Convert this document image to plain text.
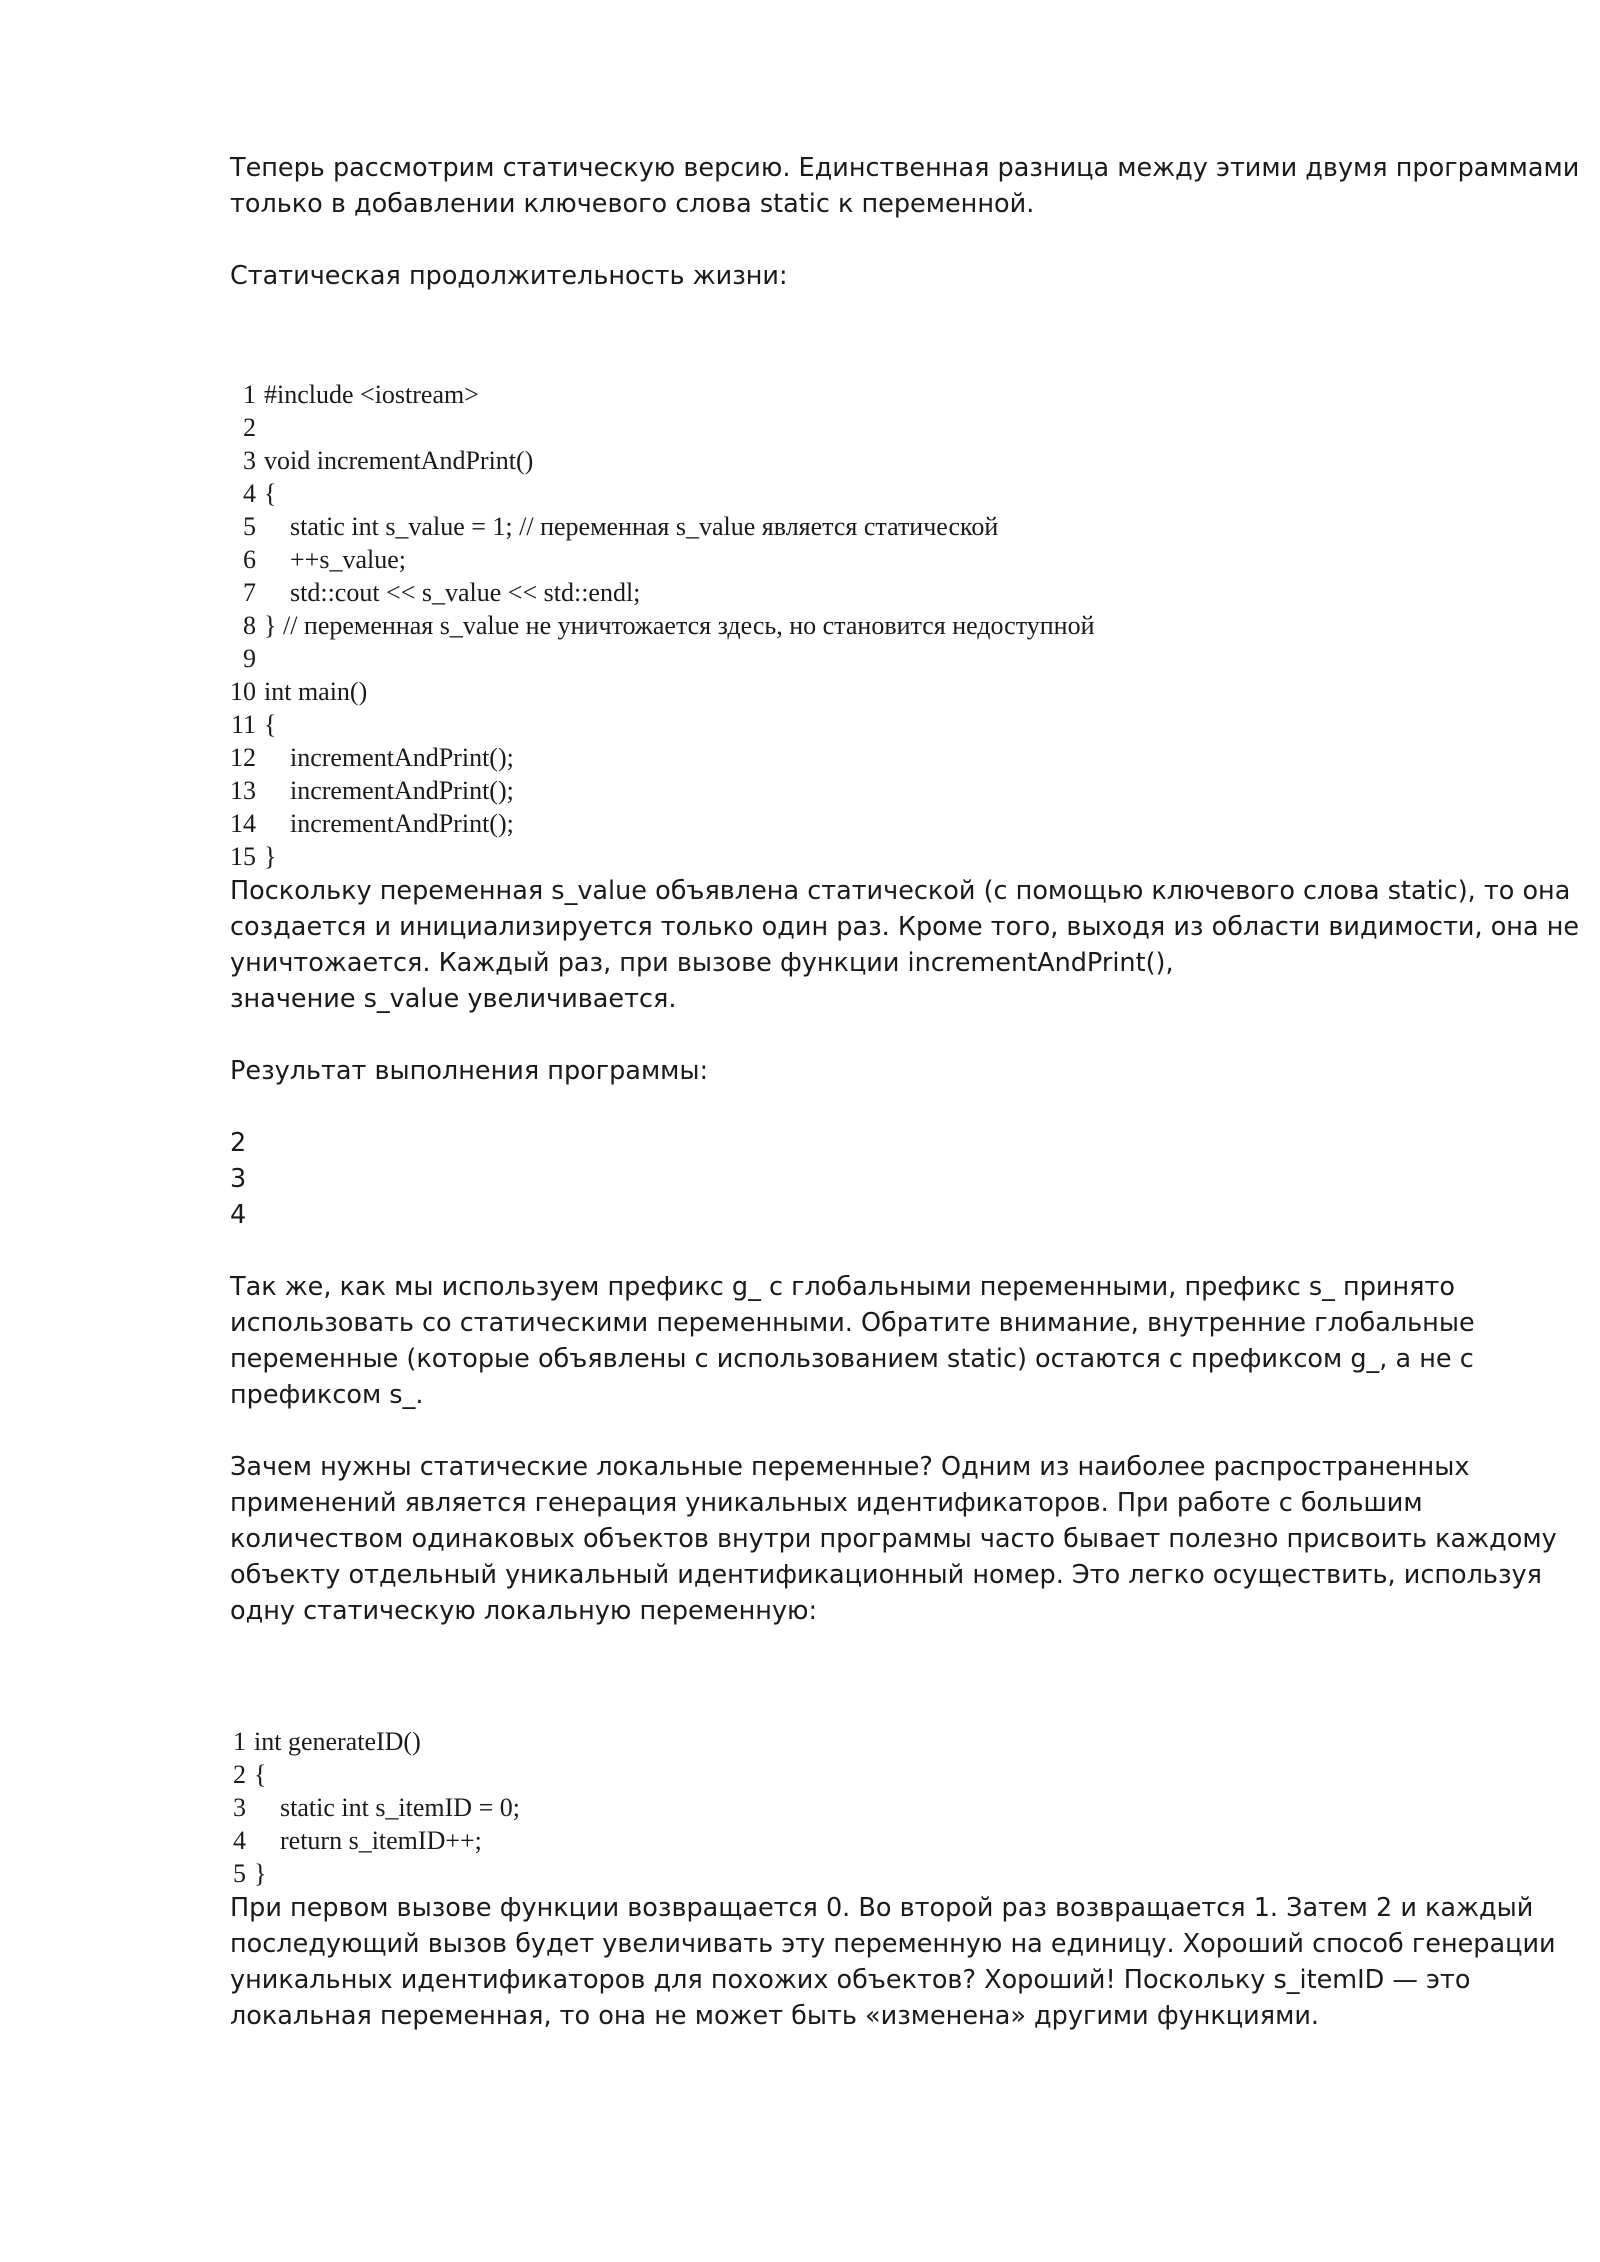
Теперь рассмотрим статическую версию. Единственная разница между этими двумя программами
только в добавлении ключевого слова static к переменной.

Статическая продолжительность жизни:

1 #include <iostream>
2
3 void incrementAndPrint()
4 {
5 static int s_value = 1; // переменная s_value является статической
6 ++s_value;
7 std::cout << s_value << std::endl;
8 } // переменная s_value не уничтожается здесь, но становится недоступной
9
10 int main()
11 {
12 incrementAndPrint();
13 incrementAndPrint();
14 incrementAndPrint();
15 }

Поскольку переменная s_value объявлена статической (с помощью ключевого слова static), то она
создается и инициализируется только один раз. Кроме того, выходя из области видимости, она не
уничтожается. Каждый раз, при вызове функции incrementAndPrint(),
значение s_value увеличивается.

Результат выполнения программы:

2
3
4

Так же, как мы используем префикс g_ с глобальными переменными, префикс s_ принято
использовать со статическими переменными. Обратите внимание, внутренние глобальные
переменные (которые объявлены с использованием static) остаются с префиксом g_, а не с
префиксом s_.

Зачем нужны статические локальные переменные? Одним из наиболее распространенных
применений является генерация уникальных идентификаторов. При работе с большим
количеством одинаковых объектов внутри программы часто бывает полезно присвоить каждому
объекту отдельный уникальный идентификационный номер. Это легко осуществить, используя
одну статическую локальную переменную:

1 int generateID()
2 {
3 static int s_itemID = 0;
4 return s_itemID++;
5 }

При первом вызове функции возвращается 0. Во второй раз возвращается 1. Затем 2 и каждый
последующий вызов будет увеличивать эту переменную на единицу. Хороший способ генерации
уникальных идентификаторов для похожих объектов? Хороший! Поскольку s_itemID — это
локальная переменная, то она не может быть «изменена» другими функциями.
